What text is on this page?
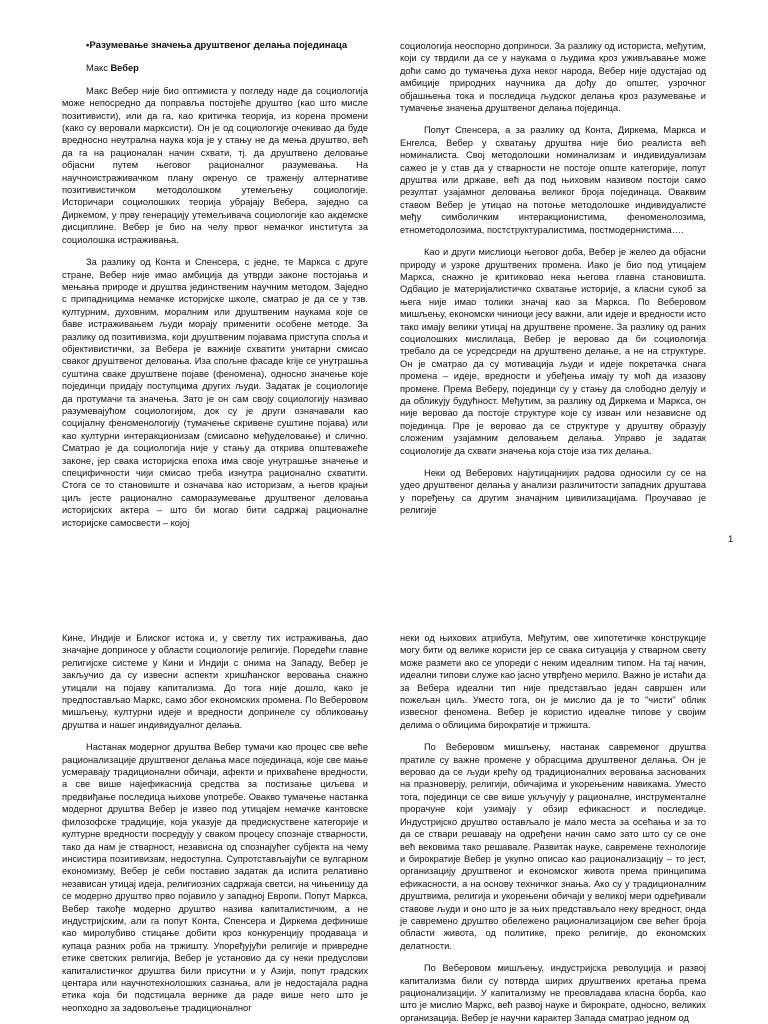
•Разумевање значења друштвеног делања појединаца

Макс Вебер

Макс Вебер није био оптимиста у погледу наде да социологија може непосредно да поправља постојеће друштво (као што мисле позитивисти), или да га, као критичка теорија, из корена промени (како су веровали марксисти). Он је од социологије очекивао да буде вредносно неутрална наука која је у стању не да мења друштво, већ да га на рационалан начин схвати, тј. да друштвено деловање објасни путем његовог рационалног разумевања. На научноистраживачком плану окренуо се траженју алтернативе позитивистичком методолошком утемељењу социологије. Историчари социолошких теорија убрајају Вебера, заједно са Диркемом, у прву генерацију утемељивача социологије као акдемске дисциплине. Вебер је био на челу првог немачког института за социолошка истраживања.

За разлику од Конта и Спенсера, с једне, те Маркса с друге стране, Вебер није имао амбиција да утврди законе постојања и мењања природе и друштва јединственим научним методом. Заједно с припадницима немачке историјске школе, сматрао је да се у тзв. културним, духовним, моралним или друштвеним наукама које се баве истраживањем људи морају применити особене методе. За разлику од позитивизма, који друштвеним појавама приступа споља и објективистички, за Вебера је важније схватити унитарни смисао сваког друштвеног деловања. Иза спољне фасаде krije се унутрашња суштина сваке друштвене појаве (феномена), односно значење које појединци придају поступцима других људи. Задатак је социологије да протумачи та значења. Зато је он сам своју социологију називао разумевајућом социологијом, док су је други означавали као социјалну феноменологију (тумачење скривене суштине појава) или као културни интеракционизам (смисаоно међуделовање) и слично. Сматрао је да социологија није у стању да открива општеважеће законе, јер свака историјска епоха има своје унутрашње значење и специфичности чији смисао треба изнутра рационално схватити. Стога се то становиште и означава као историзам, а његов крајњи циљ јесте рационално саморазумевање друштвеног деловања историјских актера – што би могао бити садржај рационалне историјске самосвести – којој

социологија неоспорно доприноси. За разлику од историста, међутим, који су тврдили да се у наукама о људима кроз уживљавање може доћи само до тумачења духа неког народа, Вебер није одустајао од амбиције природних научника да дођу до општег, узрочног објашњења тока и последица људског делања кроз разумевање и тумачење значења друштвеног делања појединца.

Попут Спенсера, а за разлику од Конта, Диркема, Маркса и Енгелса, Вебер у схватању друштва није био реалиста већ номиналиста. Свој методолошки номинализам и индивидуализам сажео је у став да у стварности не постоје опште категорије, попут друштва или државе, већ да под њиховим називом постоји само резултат узајамног деловања великог броја појединаца. Оваквим ставом Вебер је утицао на потоње методолошке индивидуалисте међу симболичким интеракционистима, феноменолозима, етнометодолозима, постструктуралистима, постмодернистима….

Као и други мислиоци његовог доба, Вебер је желео да објасни природу и узроке друштвених промена. Иако је био под утицајем Маркса, снажно је критиковао нека његова главна становишта. Одбацио је материјалистичко схватање историје, а класни сукоб за њега није имао толики значај као за Маркса. По Веберовом мишљењу, економски чиниоци јесу важни, али идеје и вредности исто тако имају велики утицај на друштвене промене. За разлику од раних социолошких мислилаца, Вебер је веровао да би социологија требало да се усредсреди на друштвено делање, а не на структуре. Он је сматрао да су мотивација људи и идеје покретачка снага промена – идеје, вредности и убеђења имају ту моћ да изазову промене. Према Веберу, појединци су у стању да слободно делују и да обликују будућност. Међутим, за разлику од Диркема и Маркса, он није веровао да постоје структуре које су изван или независне од појединца. Пре је веровао да се структуре у друштву образују сложеним узајамним деловањем делања. Управо је задатак социологије да схвати значења која стоје иза тих делања.

Неки од Веберових најутицајнијих радова односили су се на удео друштвеног делања у анализи различитости западних друштава у поређењу са другим значајним цивилизацијама. Проучавао је религије

1

Кине, Индије и Блиског истока и, у светлу тих истраживања, дао значајне доприносе у области социологије религије. Поредећи главне религијске системе у Кини и Индији с онима на Западу, Вебер је закључио да су извесни аспекти хришћанског веровања снажно утицали на појаву капитализма. До тога није дошло, како је предпостављао Маркс, само због економских промена. По Веберовом мишљењу, културни идеје и вредности допринеле су обликовању друштва и нашег индивидуалног делања.

Настанак модерног друштва Вебер тумачи као процес све веће рационализације друштвеног делања масе појединаца, које све мање усмеравају традиционални обичаји, афекти и прихваћене вредности, а све више најефикаснија средства за постизање циљева и предвиђање последица њихове употребе. Овакво тумачење настанка модерног друштва Вебер је извео под утицајем немачке кантовске филозофске традиције, која указује да предискуствене категорије и културне вредности посредују у сваком процесу спознаје стварности, тако да нам је стварност, независна од спознајућег субјекта на чему инсистира позитивизам, недоступна. Супротстављајући се вулгарном економизму, Вебер је себи поставио задатак да испита релативно независан утицај идеја, религиозних садржаја светси, на чињеницу да се модерно друштво прво појавило у западној Европи. Попут Маркса, Вебер такође модерно друштво назива капиталистичким, а не индустријским, али га попут Конта, Спенсера и Диркема дефинише као миролубиво стицање добити кроз конкуренцију продаваца и купаца разних роба на тржишту. Упоређујући религије и привредне етике светских религија, Вебер је установио да су неки предуслови капиталистичког друштва били присутни и у Азији, попут градских центара или научнотехнолошких сазнања, али је недостајала радна етика која би подстицала вернике да раде више него што је неопходно за задовољење традиционалног

неки од њихових атрибута. Међутим, ове хипотетичке конструкције могу бити од велике користи јер се свака ситуација у стварном свету може размети ако се упореди с неким идеалним типом. На тај начин, идеални типови служе као јасно утврђено мерило. Важно је истаћи да за Вебера идеални тип није представљао један савршен или пожељан циљ. Уместо тога, он је мислио да је то "чисти" облик извесног феномена. Вебер је користио идеалне типове у својим делима о облицима бирократије и тржишта.

По Веберовом мишљењу, настанак савременог друштва пратиле су важне промене у обрасцима друштвеног делања. Он је веровао да се људи крећу од традиционалних веровања заснованих на празноверју, религији, обичајима и укорењеним навикама. Уместо тога, појединци се све више укључују у рационалне, инструменталне прорачуне који узимају у обзир ефикасност и последице. Индустријско друштво остављало је мало места за осећања и за то да се ствари решавају на одређени начин само зато што су се оне већ вековима тако решавале. Развитак науке, савремене технологије и бирократије Вебер је укупно описао као рационализацију – то јест, организацију друштвеног и економског живота према принципима ефикасности, а на основу техничког знања. Ако су у традиционалним друштвима, религија и укорењени обичаји у великој мери одређивали ставове људи и оно што је за њих представљало неку вредност, онда је савремено друштво обележено рационализацијом све већег броја области живота, од политике, преко религије, до економских делатности.

По Веберовом мишљењу, индустријска револуција и развој капитализма били су потврда ширих друштвених кретања према рационализацији. У капитализму не преовладава класна борба, као што је мислио Маркс, већ развој науке и бирократе, односно, великих организација. Вебер је научни карактер Запада сматрао једном од
